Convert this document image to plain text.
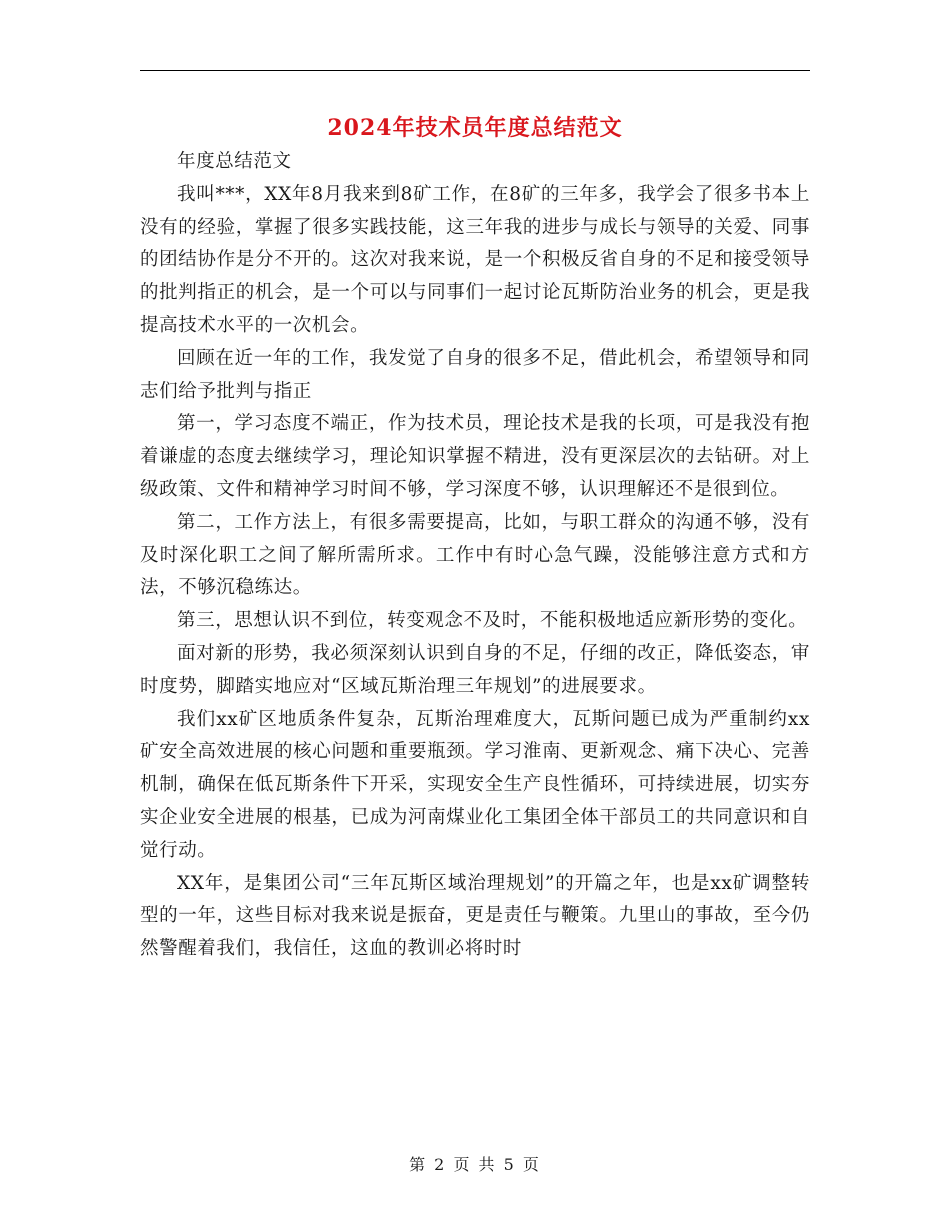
2024年技术员年度总结范文

年度总结范文

我叫***，XX年8月我来到8矿工作，在8矿的三年多，我学会了很多书本上没有的经验，掌握了很多实践技能，这三年我的进步与成长与领导的关爱、同事的团结协作是分不开的。这次对我来说，是一个积极反省自身的不足和接受领导的批判指正的机会，是一个可以与同事们一起讨论瓦斯防治业务的机会，更是我提高技术水平的一次机会。

回顾在近一年的工作，我发觉了自身的很多不足，借此机会，希望领导和同志们给予批判与指正

第一，学习态度不端正，作为技术员，理论技术是我的长项，可是我没有抱着谦虚的态度去继续学习，理论知识掌握不精进，没有更深层次的去钻研。对上级政策、文件和精神学习时间不够，学习深度不够，认识理解还不是很到位。

第二，工作方法上，有很多需要提高，比如，与职工群众的沟通不够，没有及时深化职工之间了解所需所求。工作中有时心急气躁，没能够注意方式和方法，不够沉稳练达。

第三，思想认识不到位，转变观念不及时，不能积极地适应新形势的变化。

面对新的形势，我必须深刻认识到自身的不足，仔细的改正，降低姿态，审时度势，脚踏实地应对“区域瓦斯治理三年规划”的进展要求。

我们xx矿区地质条件复杂，瓦斯治理难度大，瓦斯问题已成为严重制约xx矿安全高效进展的核心问题和重要瓶颈。学习淮南、更新观念、痛下决心、完善机制，确保在低瓦斯条件下开采，实现安全生产良性循环，可持续进展，切实夯实企业安全进展的根基，已成为河南煤业化工集团全体干部员工的共同意识和自觉行动。

XX年，是集团公司“三年瓦斯区域治理规划”的开篇之年，也是xx矿调整转型的一年，这些目标对我来说是振奋，更是责任与鞭策。九里山的事故，至今仍然警醒着我们，我信任，这血的教训必将时时

第 2 页 共 5 页
